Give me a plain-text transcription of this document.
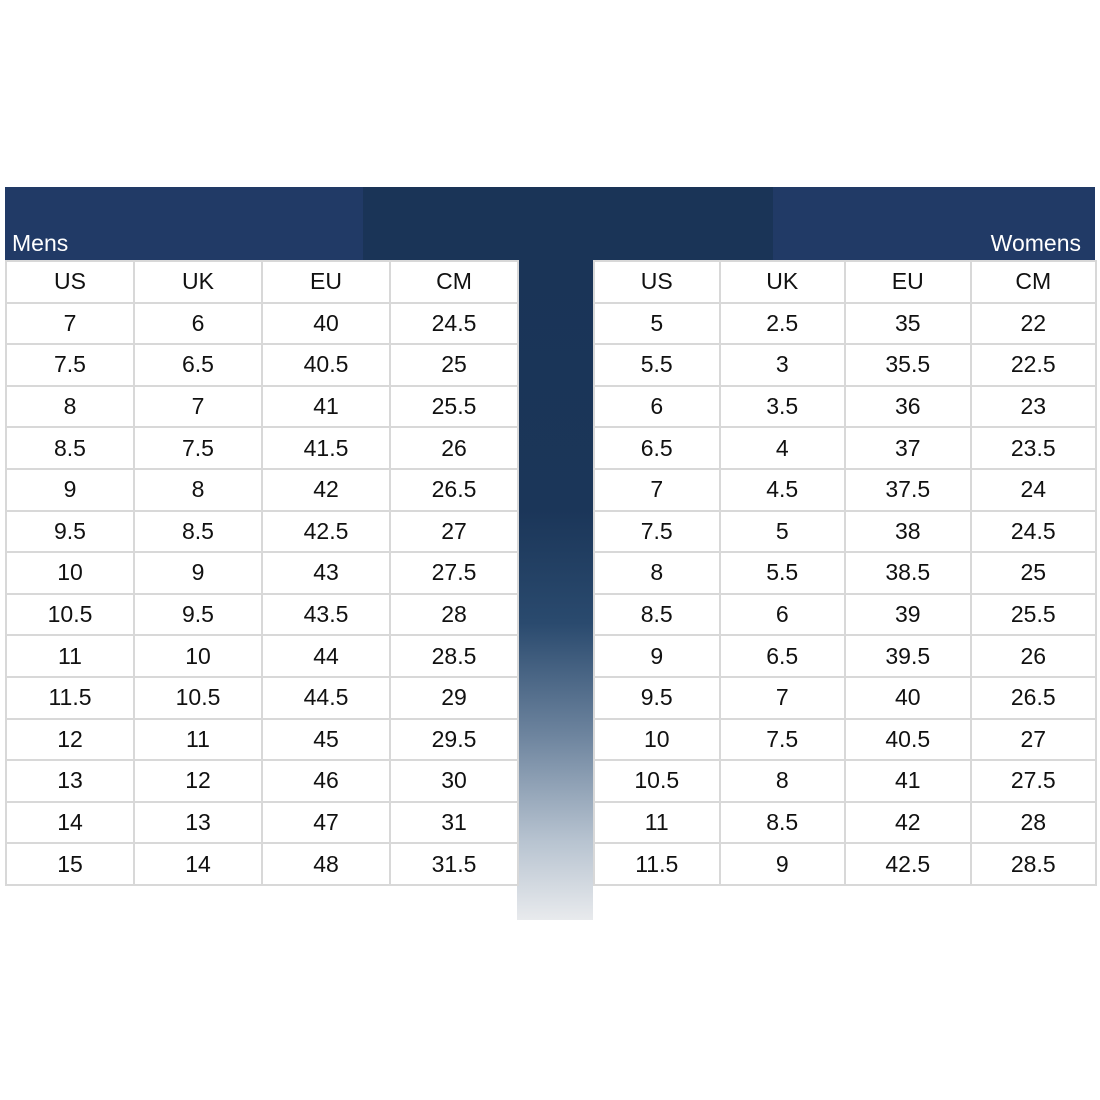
Mens	Womens
US	UK	EU	CM
7	6	40	24.5
7.5	6.5	40.5	25
8	7	41	25.5
8.5	7.5	41.5	26
9	8	42	26.5
9.5	8.5	42.5	27
10	9	43	27.5
10.5	9.5	43.5	28
11	10	44	28.5
11.5	10.5	44.5	29
12	11	45	29.5
13	12	46	30
14	13	47	31
15	14	48	31.5
US	UK	EU	CM
5	2.5	35	22
5.5	3	35.5	22.5
6	3.5	36	23
6.5	4	37	23.5
7	4.5	37.5	24
7.5	5	38	24.5
8	5.5	38.5	25
8.5	6	39	25.5
9	6.5	39.5	26
9.5	7	40	26.5
10	7.5	40.5	27
10.5	8	41	27.5
11	8.5	42	28
11.5	9	42.5	28.5
